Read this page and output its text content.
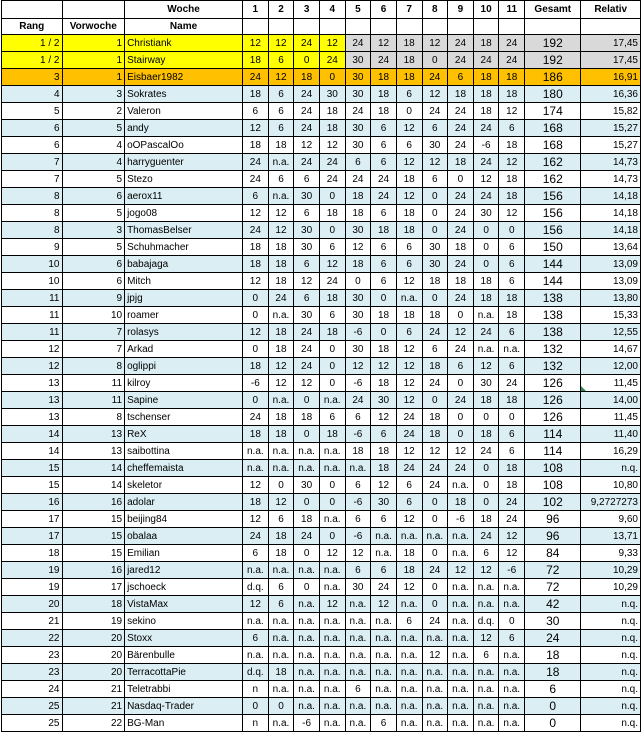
		Woche	1	2	3	4	5	6	7	8	9	10	11	Gesamt	Relativ
Rang	Vorwoche	Name													
1 / 2	1	Christiank	12	12	24	12	24	12	18	12	24	18	24	192	17,45
1 / 2	1	Stairway	18	6	0	24	30	24	18	0	24	24	24	192	17,45
3	1	Eisbaer1982	24	12	18	0	30	18	18	24	6	18	18	186	16,91
4	3	Sokrates	18	6	24	30	30	18	6	12	18	18	18	180	16,36
5	2	Valeron	6	6	24	18	24	18	0	24	24	18	12	174	15,82
6	5	andy	12	6	24	18	30	6	12	6	24	24	6	168	15,27
6	4	oOPascalOo	18	18	12	12	30	6	6	30	24	-6	18	168	15,27
7	4	harryguenter	24	n.a.	24	24	6	6	12	12	18	24	12	162	14,73
7	5	Stezo	24	6	6	24	24	24	18	6	0	12	18	162	14,73
8	6	aerox11	6	n.a.	30	0	18	24	12	0	24	24	18	156	14,18
8	5	jogo08	12	12	6	18	18	6	18	0	24	30	12	156	14,18
8	3	ThomasBelser	24	12	30	0	30	18	18	0	24	0	0	156	14,18
9	5	Schuhmacher	18	18	30	6	12	6	6	30	18	0	6	150	13,64
10	6	babajaga	18	18	6	12	18	6	6	30	24	0	6	144	13,09
10	6	Mitch	12	18	12	24	0	6	12	18	18	18	6	144	13,09
11	9	jpjg	0	24	6	18	30	0	n.a.	0	24	18	18	138	13,80
11	10	roamer	0	n.a.	30	6	30	18	18	18	0	n.a.	18	138	15,33
11	7	rolasys	12	18	24	18	-6	0	6	24	12	24	6	138	12,55
12	7	Arkad	0	18	24	0	30	18	12	6	24	n.a.	n.a.	132	14,67
12	8	oglippi	18	12	24	0	12	12	12	18	6	12	6	132	12,00
13	11	kilroy	-6	12	12	0	-6	18	12	24	0	30	24	126	11,45
13	11	Sapine	0	n.a.	0	n.a.	24	30	12	0	24	18	18	126	14,00
13	8	tschenser	24	18	18	6	6	12	24	18	0	0	0	126	11,45
14	13	ReX	18	18	0	18	-6	6	24	18	0	18	6	114	11,40
14	13	saibottina	n.a.	n.a.	n.a.	n.a.	18	18	12	12	12	24	6	114	16,29
15	14	cheffemaista	n.a.	n.a.	n.a.	n.a.	n.a.	18	24	24	24	0	18	108	n.q.
15	14	skeletor	12	0	30	0	6	12	6	24	n.a.	0	18	108	10,80
16	16	adolar	18	12	0	0	-6	30	6	0	18	0	24	102	9,2727273
17	15	beijing84	12	6	18	n.a.	6	6	12	0	-6	18	24	96	9,60
17	15	obalaa	24	18	24	0	-6	n.a.	n.a.	n.a.	n.a.	24	12	96	13,71
18	15	Emilian	6	18	0	12	12	n.a.	18	0	n.a.	6	12	84	9,33
19	16	jared12	n.a.	n.a.	n.a.	n.a.	6	6	18	24	12	12	-6	72	10,29
19	17	jschoeck	d.q.	6	0	n.a.	30	24	12	0	n.a.	n.a.	n.a.	72	10,29
20	18	VistaMax	12	6	n.a.	12	n.a.	12	n.a.	0	n.a.	n.a.	n.a.	42	n.q.
21	19	sekino	n.a.	n.a.	n.a.	n.a.	n.a.	n.a.	6	24	n.a.	d.q.	0	30	n.q.
22	20	Stoxx	6	n.a.	n.a.	n.a.	n.a.	n.a.	n.a.	n.a.	n.a.	12	6	24	n.q.
23	20	Bärenbulle	n.a.	n.a.	n.a.	n.a.	n.a.	n.a.	n.a.	12	n.a.	6	n.a.	18	n.q.
23	20	TerracottaPie	d.q.	18	n.a.	n.a.	n.a.	n.a.	n.a.	n.a.	n.a.	n.a.	n.a.	18	n.q.
24	21	Teletrabbi	n	n.a.	n.a.	n.a.	6	n.a.	n.a.	n.a.	n.a.	n.a.	n.a.	6	n.q.
25	21	Nasdaq-Trader	0	0	n.a.	n.a.	n.a.	n.a.	n.a.	n.a.	n.a.	n.a.	n.a.	0	n.q.
25	22	BG-Man	n	n.a.	-6	n.a.	n.a.	6	n.a.	n.a.	n.a.	n.a.	n.a.	0	n.q.
